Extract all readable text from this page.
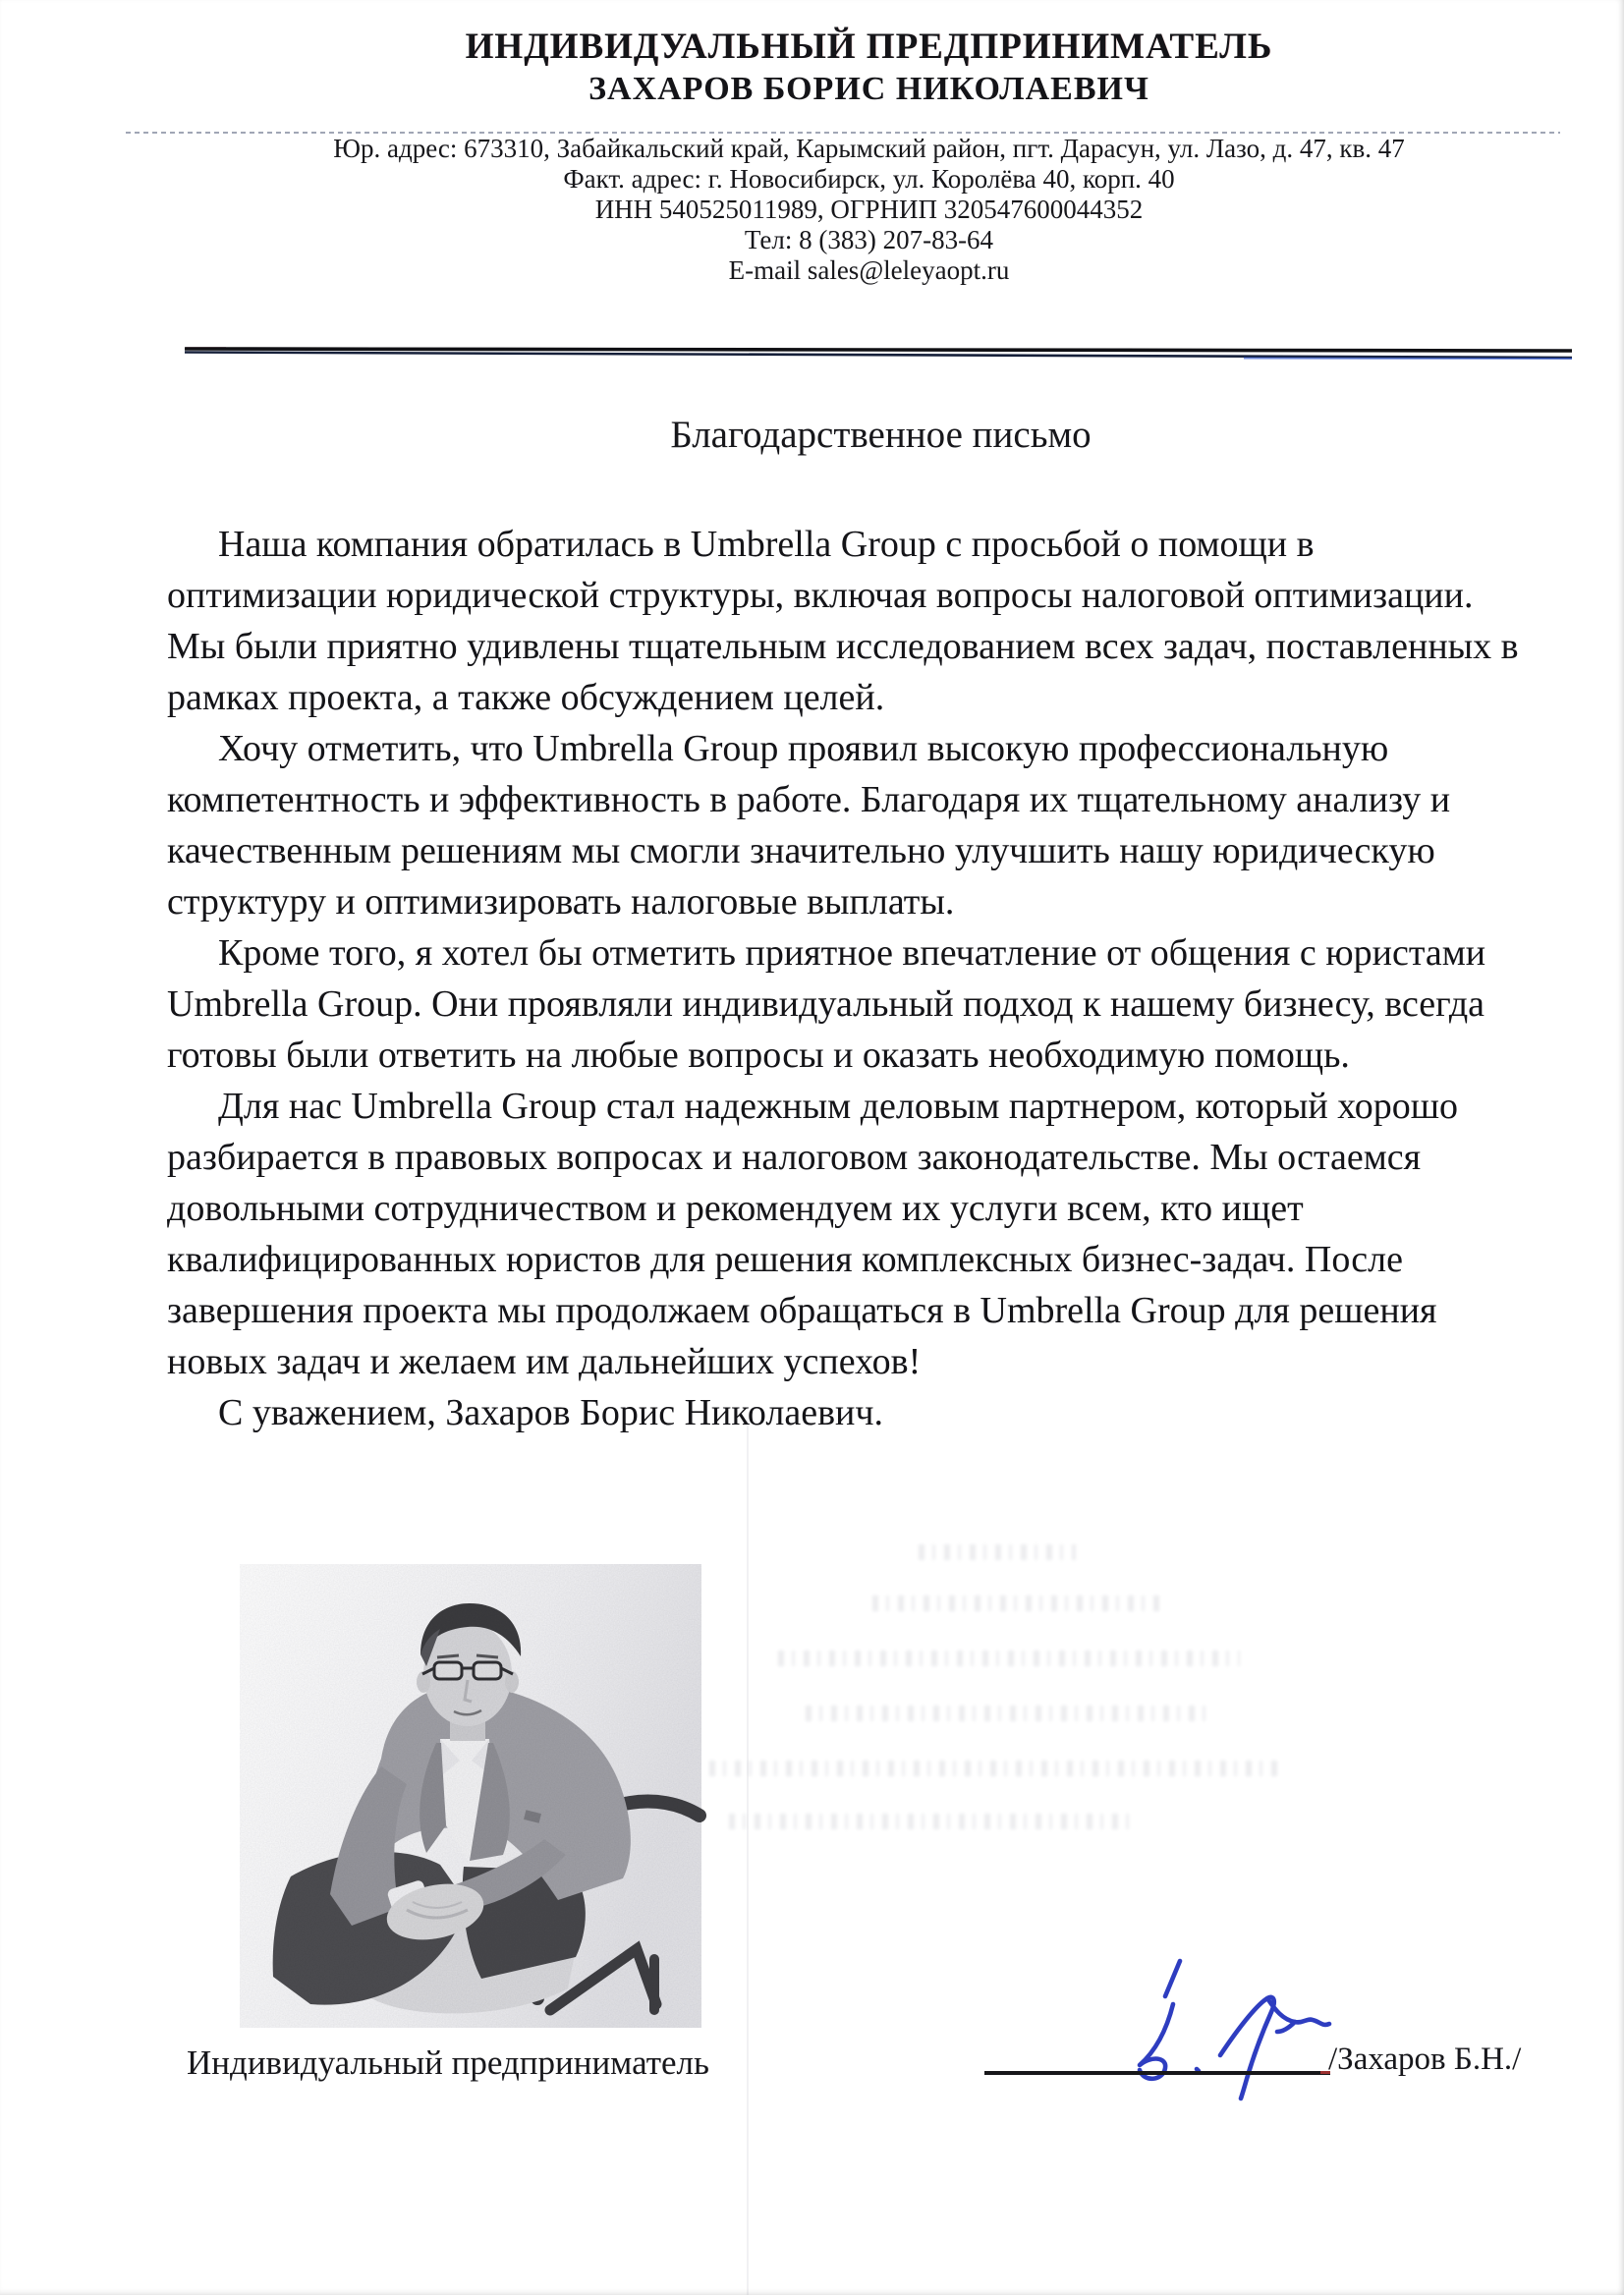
ИНДИВИДУАЛЬНЫЙ ПРЕДПРИНИМАТЕЛЬ
ЗАХАРОВ БОРИС НИКОЛАЕВИЧ
Юр. адрес: 673310, Забайкальский край, Карымский район, пгт. Дарасун, ул. Лазо, д. 47, кв. 47
Факт. адрес: г. Новосибирск, ул. Королёва 40, корп. 40
ИНН 540525011989, ОГРНИП 320547600044352
Тел: 8 (383) 207-83-64
E-mail sales@leleyaopt.ru
Благодарственное письмо

Наша компания обратилась в Umbrella Group с просьбой о помощи в оптимизации юридической структуры, включая вопросы налоговой оптимизации. Мы были приятно удивлены тщательным исследованием всех задач, поставленных в рамках проекта, а также обсуждением целей.

Хочу отметить, что Umbrella Group проявил высокую профессиональную компетентность и эффективность в работе. Благодаря их тщательному анализу и качественным решениям мы смогли значительно улучшить нашу юридическую структуру и оптимизировать налоговые выплаты.

Кроме того, я хотел бы отметить приятное впечатление от общения с юристами Umbrella Group. Они проявляли индивидуальный подход к нашему бизнесу, всегда готовы были ответить на любые вопросы и оказать необходимую помощь.

Для нас Umbrella Group стал надежным деловым партнером, который хорошо разбирается в правовых вопросах и налоговом законодательстве. Мы остаемся довольными сотрудничеством и рекомендуем их услуги всем, кто ищет квалифицированных юристов для решения комплексных бизнес-задач. После завершения проекта мы продолжаем обращаться в Umbrella Group для решения новых задач и желаем им дальнейших успехов!

С уважением, Захаров Борис Николаевич.

Индивидуальный предприниматель	/Захаров Б.Н./
